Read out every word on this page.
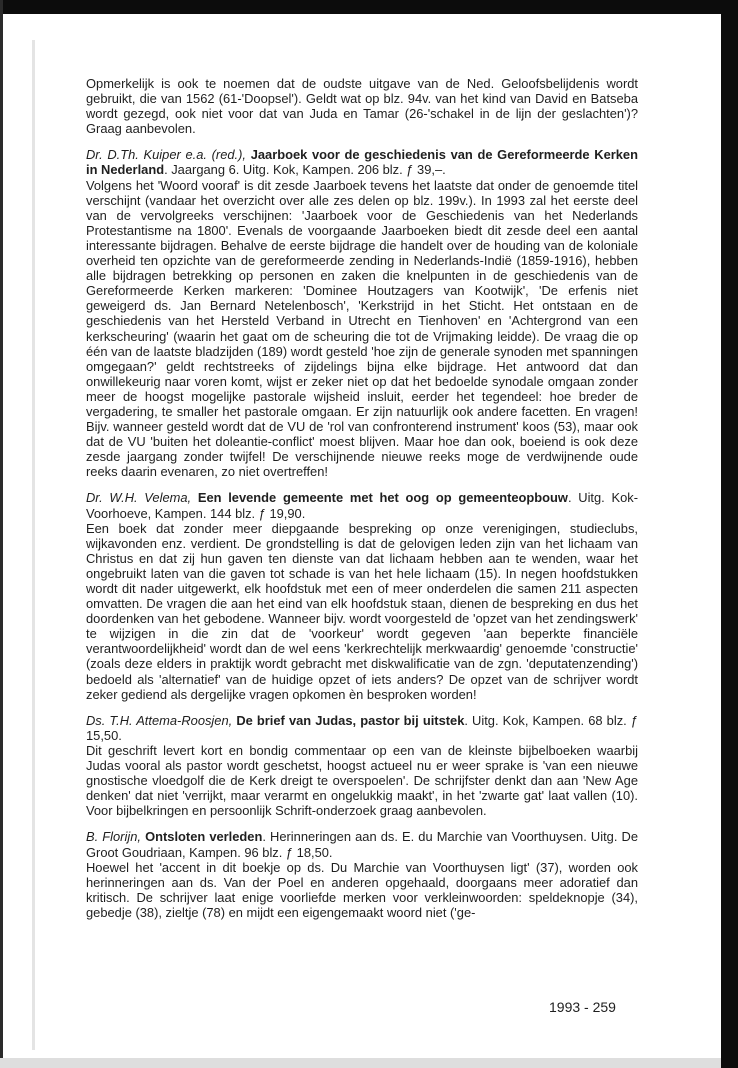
Opmerkelijk is ook te noemen dat de oudste uitgave van de Ned. Geloofsbelijdenis wordt gebruikt, die van 1562 (61-'Doopsel'). Geldt wat op blz. 94v. van het kind van David en Batseba wordt gezegd, ook niet voor dat van Juda en Tamar (26-'schakel in de lijn der geslachten')? Graag aanbevolen.

Dr. D.Th. Kuiper e.a. (red.), Jaarboek voor de geschiedenis van de Gereformeerde Kerken in Nederland. Jaargang 6. Uitg. Kok, Kampen. 206 blz. ƒ 39,–.

Volgens het 'Woord vooraf' is dit zesde Jaarboek tevens het laatste dat onder de genoemde titel verschijnt (vandaar het overzicht over alle zes delen op blz. 199v.). In 1993 zal het eerste deel van de vervolgreeks verschijnen: 'Jaarboek voor de Geschiedenis van het Nederlands Protestantisme na 1800'. Evenals de voorgaande Jaarboeken biedt dit zesde deel een aantal interessante bijdragen. Behalve de eerste bijdrage die handelt over de houding van de koloniale overheid ten opzichte van de gereformeerde zending in Nederlands-Indië (1859-1916), hebben alle bijdragen betrekking op personen en zaken die knelpunten in de geschiedenis van de Gereformeerde Kerken markeren: 'Dominee Houtzagers van Kootwijk', 'De erfenis niet geweigerd ds. Jan Bernard Netelenbosch', 'Kerkstrijd in het Sticht. Het ontstaan en de geschiedenis van het Hersteld Verband in Utrecht en Tienhoven' en 'Achtergrond van een kerkscheuring' (waarin het gaat om de scheuring die tot de Vrijmaking leidde). De vraag die op één van de laatste bladzijden (189) wordt gesteld 'hoe zijn de generale synoden met spanningen omgegaan?' geldt rechtstreeks of zijdelings bijna elke bijdrage. Het antwoord dat dan onwillekeurig naar voren komt, wijst er zeker niet op dat het bedoelde synodale omgaan zonder meer de hoogst mogelijke pastorale wijsheid insluit, eerder het tegendeel: hoe breder de vergadering, te smaller het pastorale omgaan. Er zijn natuurlijk ook andere facetten. En vragen! Bijv. wanneer gesteld wordt dat de VU de 'rol van confronterend instrument' koos (53), maar ook dat de VU 'buiten het doleantie-conflict' moest blijven. Maar hoe dan ook, boeiend is ook deze zesde jaargang zonder twijfel! De verschijnende nieuwe reeks moge de verdwijnende oude reeks daarin evenaren, zo niet overtreffen!

Dr. W.H. Velema, Een levende gemeente met het oog op gemeenteopbouw. Uitg. Kok-Voorhoeve, Kampen. 144 blz. ƒ 19,90.

Een boek dat zonder meer diepgaande bespreking op onze verenigingen, studieclubs, wijkavonden enz. verdient. De grondstelling is dat de gelovigen leden zijn van het lichaam van Christus en dat zij hun gaven ten dienste van dat lichaam hebben aan te wenden, waar het ongebruikt laten van die gaven tot schade is van het hele lichaam (15). In negen hoofdstukken wordt dit nader uitgewerkt, elk hoofdstuk met een of meer onderdelen die samen 211 aspecten omvatten. De vragen die aan het eind van elk hoofdstuk staan, dienen de bespreking en dus het doordenken van het gebodene. Wanneer bijv. wordt voorgesteld de 'opzet van het zendingswerk' te wijzigen in die zin dat de 'voorkeur' wordt gegeven 'aan beperkte financiële verantwoordelijkheid' wordt dan de wel eens 'kerkrechtelijk merkwaardig' genoemde 'constructie' (zoals deze elders in praktijk wordt gebracht met diskwalificatie van de zgn. 'deputatenzending') bedoeld als 'alternatief' van de huidige opzet of iets anders? De opzet van de schrijver wordt zeker gediend als dergelijke vragen opkomen èn besproken worden!

Ds. T.H. Attema-Roosjen, De brief van Judas, pastor bij uitstek. Uitg. Kok, Kampen. 68 blz. ƒ 15,50.

Dit geschrift levert kort en bondig commentaar op een van de kleinste bijbelboeken waarbij Judas vooral als pastor wordt geschetst, hoogst actueel nu er weer sprake is 'van een nieuwe gnostische vloedgolf die de Kerk dreigt te overspoelen'. De schrijfster denkt dan aan 'New Age denken' dat niet 'verrijkt, maar verarmt en ongelukkig maakt', in het 'zwarte gat' laat vallen (10). Voor bijbelkringen en persoonlijk Schrift-onderzoek graag aanbevolen.

B. Florijn, Ontsloten verleden. Herinneringen aan ds. E. du Marchie van Voorthuysen. Uitg. De Groot Goudriaan, Kampen. 96 blz. ƒ 18,50.

Hoewel het 'accent in dit boekje op ds. Du Marchie van Voorthuysen ligt' (37), worden ook herinneringen aan ds. Van der Poel en anderen opgehaald, doorgaans meer adoratief dan kritisch. De schrijver laat enige voorliefde merken voor verkleinwoorden: speldeknopje (34), gebedje (38), zieltje (78) en mijdt een eigengemaakt woord niet ('ge-

1993 - 259
